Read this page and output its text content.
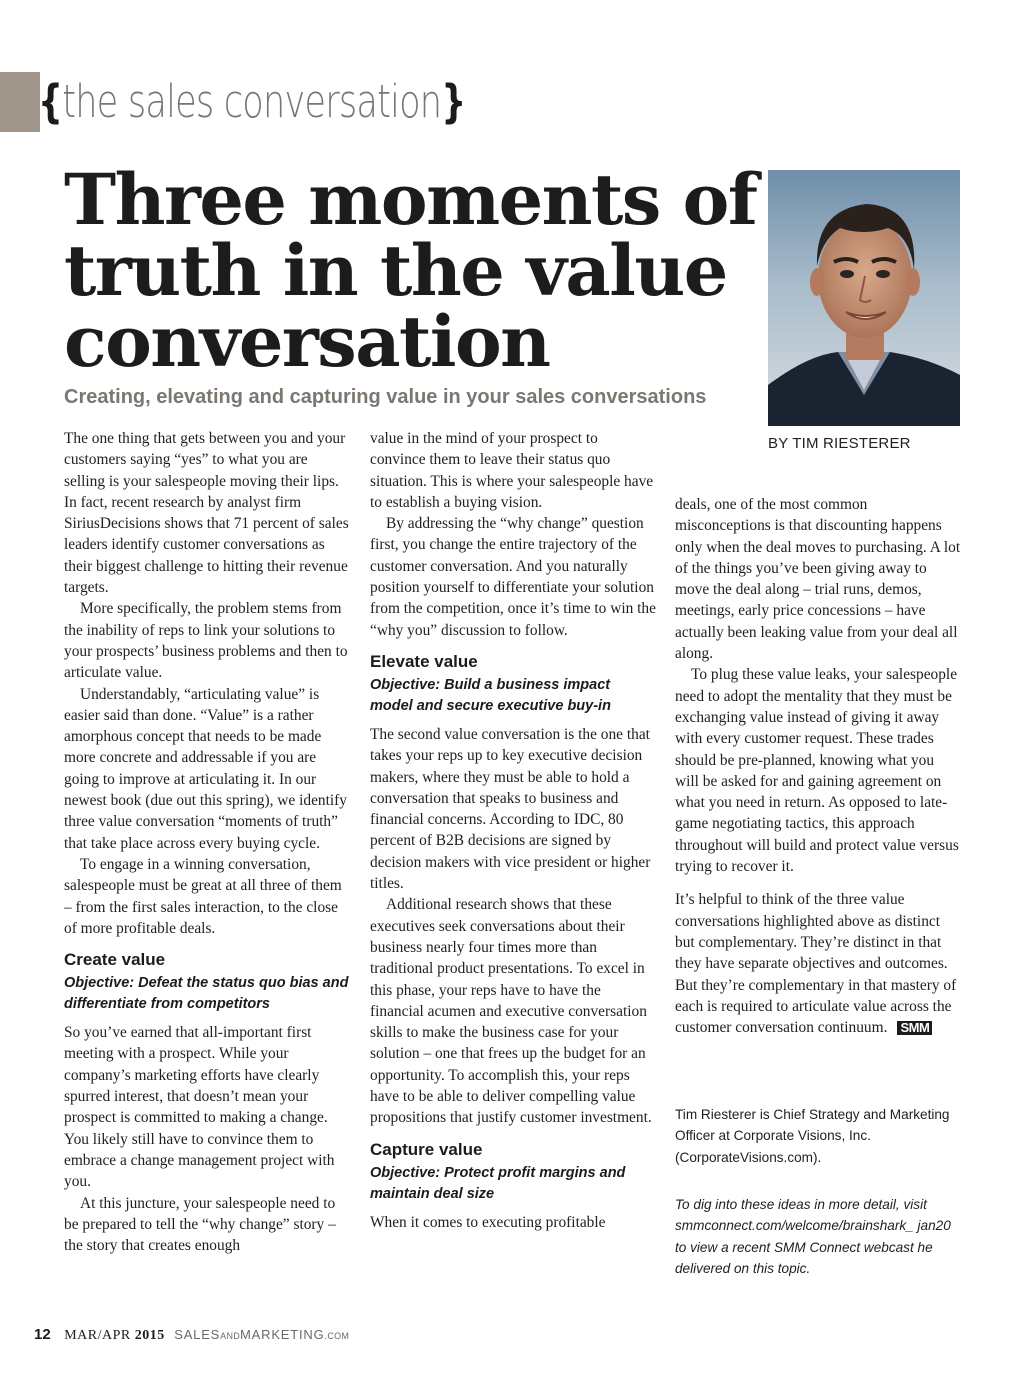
{the sales conversation}
Three moments of truth in the value conversation
Creating, elevating and capturing value in your sales conversations
BY TIM RIESTERER

The one thing that gets between you and your customers saying “yes” to what you are selling is your salespeople moving their lips. In fact, recent research by analyst firm SiriusDecisions shows that 71 percent of sales leaders identify customer conversations as their biggest challenge to hitting their revenue targets.

More specifically, the problem stems from the inability of reps to link your solutions to your prospects’ business problems and then to articulate value.

Understandably, “articulating value” is easier said than done. “Value” is a rather amorphous concept that needs to be made more concrete and addressable if you are going to improve at articulating it. In our newest book (due out this spring), we identify three value conversation “moments of truth” that take place across every buying cycle.

To engage in a winning conversation, salespeople must be great at all three of them – from the first sales interaction, to the close of more profitable deals.

Create value
Objective: Defeat the status quo bias and differentiate from competitors

So you’ve earned that all-important first meeting with a prospect. While your company’s marketing efforts have clearly spurred interest, that doesn’t mean your prospect is committed to making a change. You likely still have to convince them to embrace a change management project with you.

At this juncture, your salespeople need to be prepared to tell the “why change” story – the story that creates enough

value in the mind of your prospect to convince them to leave their status quo situation. This is where your salespeople have to establish a buying vision.

By addressing the “why change” question first, you change the entire trajectory of the customer conversation. And you naturally position yourself to differentiate your solution from the competition, once it’s time to win the “why you” discussion to follow.

Elevate value
Objective: Build a business impact model and secure executive buy-in

The second value conversation is the one that takes your reps up to key executive decision makers, where they must be able to hold a conversation that speaks to business and financial concerns. According to IDC, 80 percent of B2B decisions are signed by decision makers with vice president or higher titles.

Additional research shows that these executives seek conversations about their business nearly four times more than traditional product presentations. To excel in this phase, your reps have to have the financial acumen and executive conversation skills to make the business case for your solution – one that frees up the budget for an opportunity. To accomplish this, your reps have to be able to deliver compelling value propositions that justify customer investment.

Capture value
Objective: Protect profit margins and maintain deal size

When it comes to executing profitable

deals, one of the most common misconceptions is that discounting happens only when the deal moves to purchasing. A lot of the things you’ve been giving away to move the deal along – trial runs, demos, meetings, early price concessions – have actually been leaking value from your deal all along.

To plug these value leaks, your salespeople need to adopt the mentality that they must be exchanging value instead of giving it away with every customer request. These trades should be pre-planned, knowing what you will be asked for and gaining agreement on what you need in return. As opposed to late-game negotiating tactics, this approach throughout will build and protect value versus trying to recover it.

It’s helpful to think of the three value conversations highlighted above as distinct but complementary. They’re distinct in that they have separate objectives and outcomes. But they’re complementary in that mastery of each is required to articulate value across the customer conversation continuum. SMM

Tim Riesterer is Chief Strategy and Marketing Officer at Corporate Visions, Inc. (CorporateVisions.com).
To dig into these ideas in more detail, visit smmconnect.com/welcome/brainshark_ jan20 to view a recent SMM Connect webcast he delivered on this topic.
12 MAR/APR 2015 SALESANDMARKETING.COM
